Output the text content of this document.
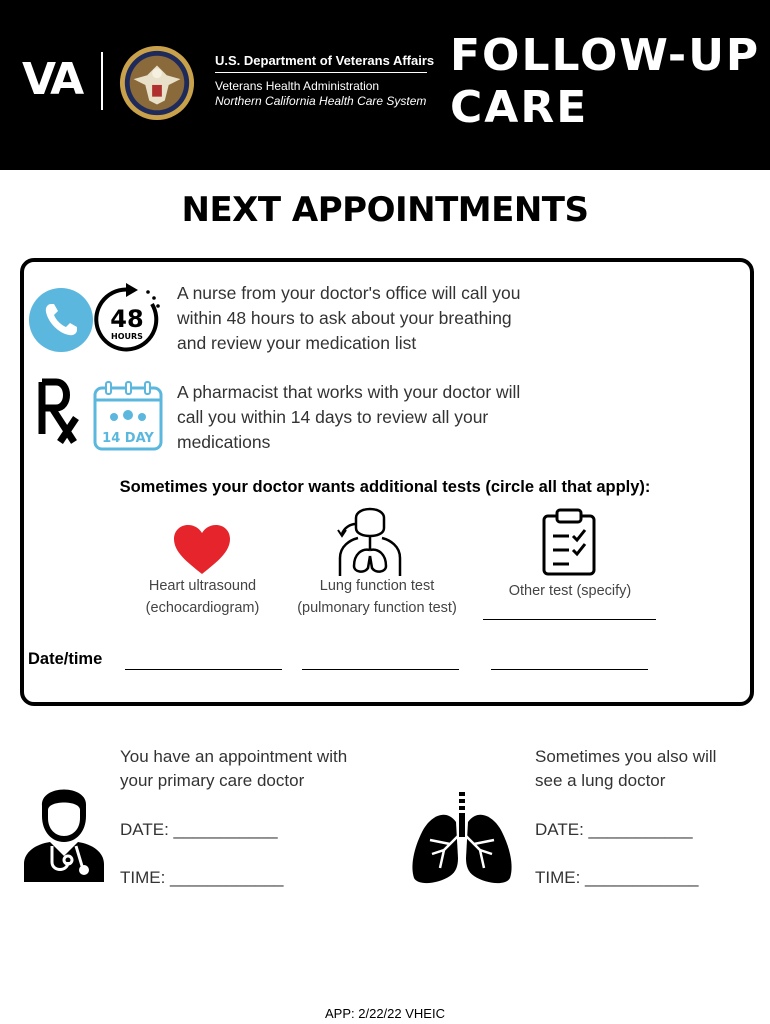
VA	U.S. Department of Veterans Affairs
Veterans Health Administration
Northern California Health Care System
FOLLOW-UP
CARE
NEXT APPOINTMENTS
48
HOURS
A nurse from your doctor's office will call you
within 48 hours to ask about your breathing
and review your medication list
14 DAY
A pharmacist that works with your doctor will
call you within 14 days to review all your
medications
Sometimes your doctor wants additional tests (circle all that apply):
Heart ultrasound
(echocardiogram)
Lung function test
(pulmonary function test)
Other test (specify)
Date/time
You have an appointment with
your primary care doctor
DATE: ___________
TIME: ____________
Sometimes you also will
see a lung doctor
DATE: ___________
TIME: ____________
APP: 2/22/22 VHEIC
